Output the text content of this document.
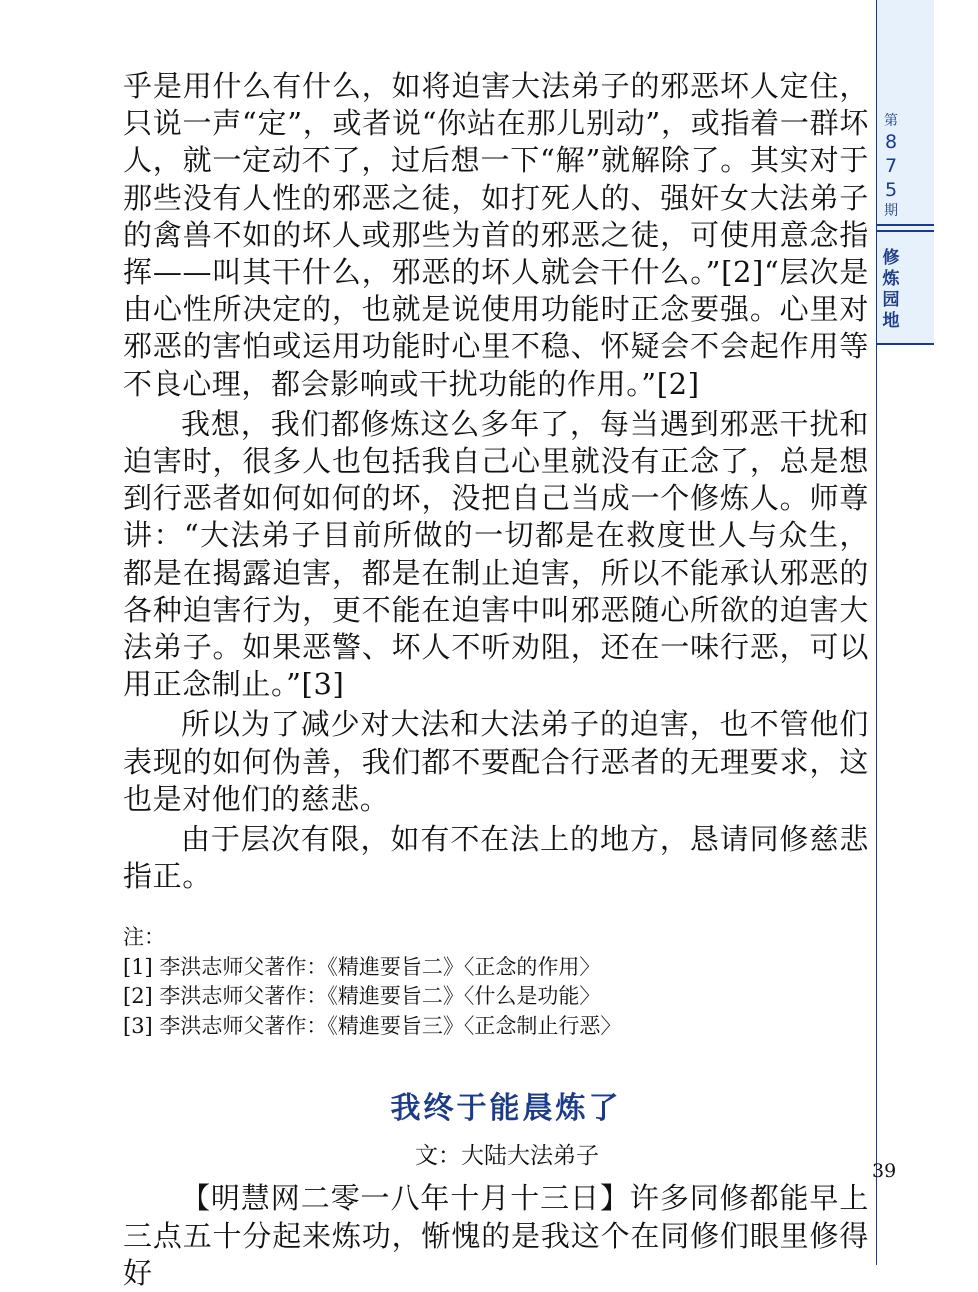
乎是用什么有什么，如将迫害大法弟子的邪恶坏人定住，只说一声“定”，或者说“你站在那儿别动”，或指着一群坏人，就一定动不了，过后想一下“解”就解除了。其实对于那些没有人性的邪恶之徒，如打死人的、强奸女大法弟子的禽兽不如的坏人或那些为首的邪恶之徒，可使用意念指挥——叫其干什么，邪恶的坏人就会干什么。”[2]“层次是由心性所决定的，也就是说使用功能时正念要强。心里对邪恶的害怕或运用功能时心里不稳、怀疑会不会起作用等不良心理，都会影响或干扰功能的作用。”[2]

我想，我们都修炼这么多年了，每当遇到邪恶干扰和迫害时，很多人也包括我自己心里就没有正念了，总是想到行恶者如何如何的坏，没把自己当成一个修炼人。师尊讲：“大法弟子目前所做的一切都是在救度世人与众生，都是在揭露迫害，都是在制止迫害，所以不能承认邪恶的各种迫害行为，更不能在迫害中叫邪恶随心所欲的迫害大法弟子。如果恶警、坏人不听劝阻，还在一味行恶，可以用正念制止。”[3]

所以为了减少对大法和大法弟子的迫害，也不管他们表现的如何伪善，我们都不要配合行恶者的无理要求，这也是对他们的慈悲。

由于层次有限，如有不在法上的地方，恳请同修慈悲指正。

注：
[1] 李洪志师父著作：《精進要旨二》〈正念的作用〉
[2] 李洪志师父著作：《精進要旨二》〈什么是功能〉
[3] 李洪志师父著作：《精進要旨三》〈正念制止行恶〉
我终于能晨炼了
文：大陆大法弟子

【明慧网二零一八年十月十三日】许多同修都能早上三点五十分起来炼功，惭愧的是我这个在同修们眼里修得好

第
8
7
5
期
修
炼
园
地
39
